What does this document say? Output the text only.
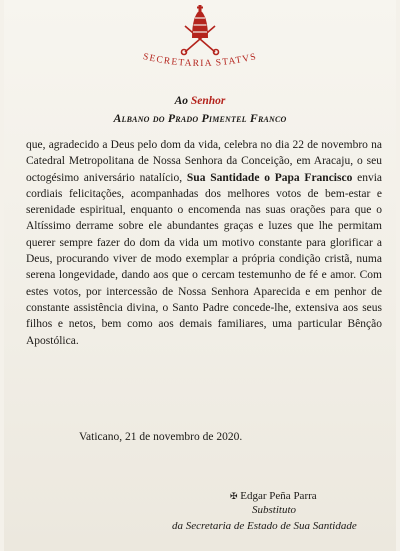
SECRETARIA STATVS
Ao Senhor
Albano do Prado Pimentel Franco
que, agradecido a Deus pelo dom da vida, celebra no dia 22 de novembro na Catedral Metropolitana de Nossa Senhora da Conceição, em Aracaju, o seu octogésimo aniversário natalício, Sua Santidade o Papa Francisco envia cordiais felicitações, acompanhadas dos melhores votos de bem-estar e serenidade espiritual, enquanto o encomenda nas suas orações para que o Altíssimo derrame sobre ele abundantes graças e luzes que lhe permitam querer sempre fazer do dom da vida um motivo constante para glorificar a Deus, procurando viver de modo exemplar a própria condição cristã, numa serena longevidade, dando aos que o cercam testemunho de fé e amor. Com estes votos, por intercessão de Nossa Senhora Aparecida e em penhor de constante assistência divina, o Santo Padre concede-lhe, extensiva aos seus filhos e netos, bem como aos demais familiares, uma particular Bênção Apostólica.
Vaticano, 21 de novembro de 2020.
✠ Edgar Peña Parra
Substituto
da Secretaria de Estado de Sua Santidade
